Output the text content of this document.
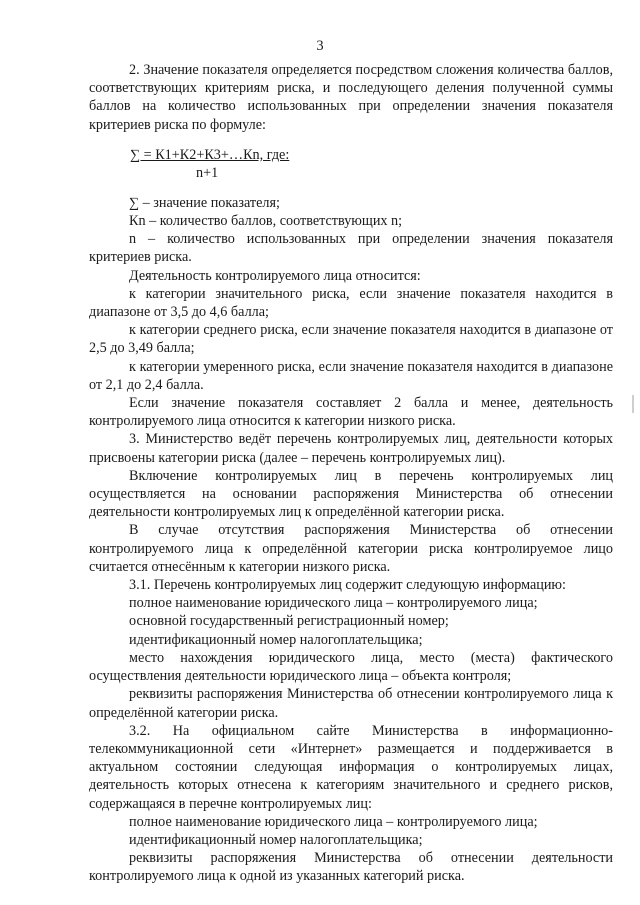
3

2. Значение показателя определяется посредством сложения количества баллов, соответствующих критериям риска, и последующего деления полученной суммы баллов на количество использованных при определении значения показателя критериев риска по формуле:

∑ = К1+К2+К3+…Кn, где:
n+1

∑ – значение показателя;

Кn – количество баллов, соответствующих n;

n – количество использованных при определении значения показателя критериев риска.

Деятельность контролируемого лица относится:

к категории значительного риска, если значение показателя находится в диапазоне от 3,5 до 4,6 балла;

к категории среднего риска, если значение показателя находится в диапазоне от 2,5 до 3,49 балла;

к категории умеренного риска, если значение показателя находится в диапазоне от 2,1 до 2,4 балла.

Если значение показателя составляет 2 балла и менее, деятельность контролируемого лица относится к категории низкого риска.

3. Министерство ведёт перечень контролируемых лиц, деятельности которых присвоены категории риска (далее – перечень контролируемых лиц).

Включение контролируемых лиц в перечень контролируемых лиц осуществляется на основании распоряжения Министерства об отнесении деятельности контролируемых лиц к определённой категории риска.

В случае отсутствия распоряжения Министерства об отнесении контролируемого лица к определённой категории риска контролируемое лицо считается отнесённым к категории низкого риска.

3.1. Перечень контролируемых лиц содержит следующую информацию:

полное наименование юридического лица – контролируемого лица;

основной государственный регистрационный номер;

идентификационный номер налогоплательщика;

место нахождения юридического лица, место (места) фактического осуществления деятельности юридического лица – объекта контроля;

реквизиты распоряжения Министерства об отнесении контролируемого лица к определённой категории риска.

3.2. На официальном сайте Министерства в информационно-телекоммуникационной сети «Интернет» размещается и поддерживается в актуальном состоянии следующая информация о контролируемых лицах, деятельность которых отнесена к категориям значительного и среднего рисков, содержащаяся в перечне контролируемых лиц:

полное наименование юридического лица – контролируемого лица;

идентификационный номер налогоплательщика;

реквизиты распоряжения Министерства об отнесении деятельности контролируемого лица к одной из указанных категорий риска.
